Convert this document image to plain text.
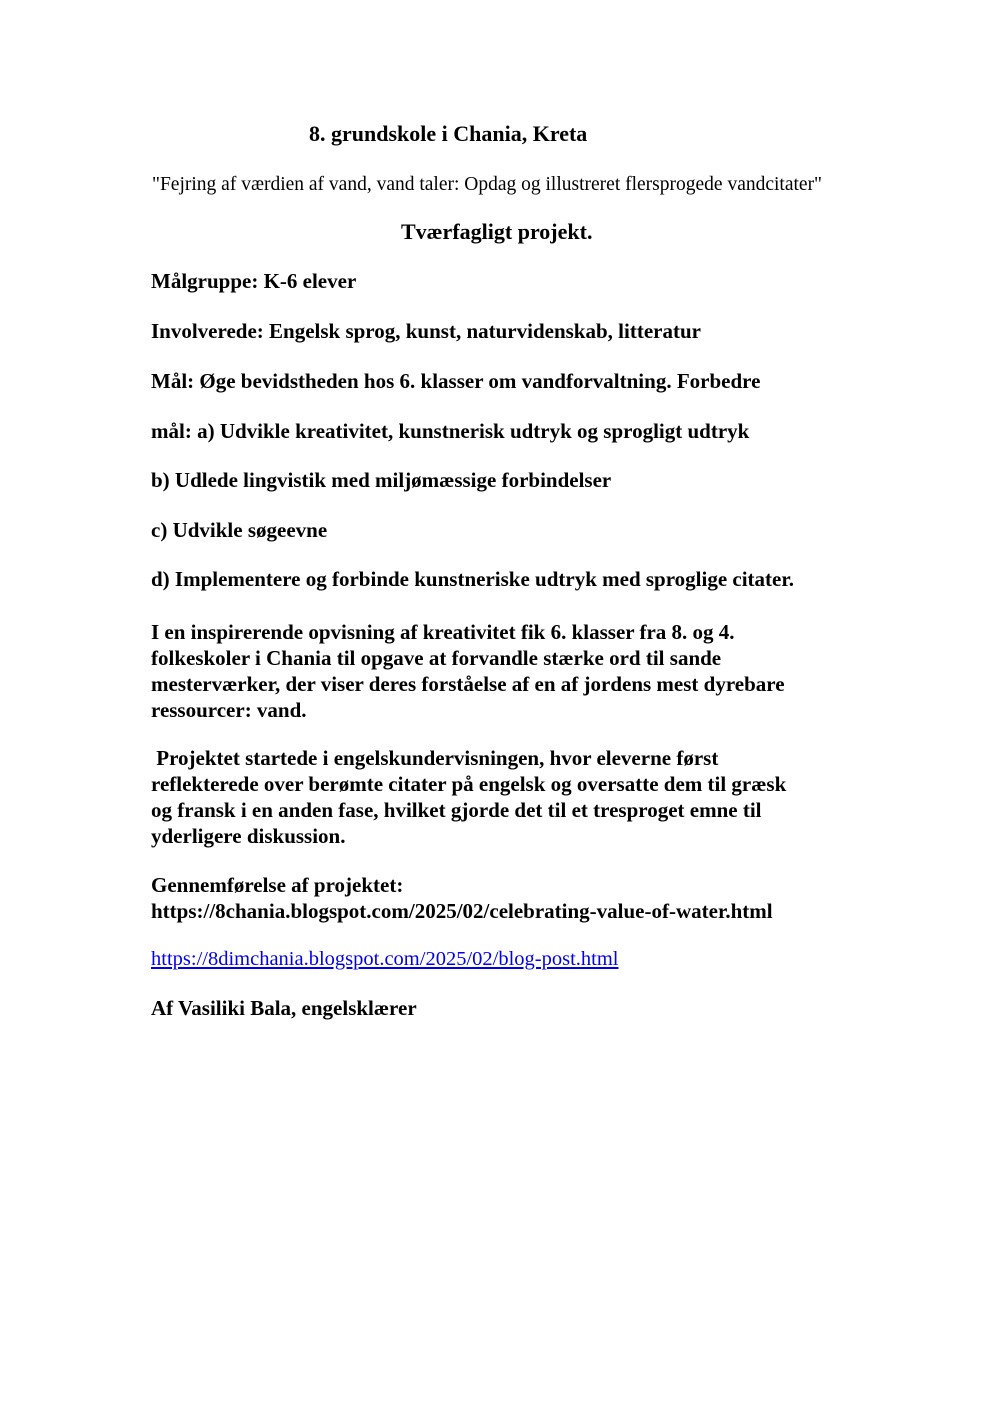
8. grundskole i Chania, Kreta
"Fejring af værdien af vand, vand taler: Opdag og illustreret flersprogede vandcitater"
Tværfagligt projekt.
Målgruppe: K-6 elever
Involverede: Engelsk sprog, kunst, naturvidenskab, litteratur
Mål: Øge bevidstheden hos 6. klasser om vandforvaltning. Forbedre
mål: a) Udvikle kreativitet, kunstnerisk udtryk og sprogligt udtryk
b) Udlede lingvistik med miljømæssige forbindelser
c) Udvikle søgeevne
d) Implementere og forbinde kunstneriske udtryk med sproglige citater.
I en inspirerende opvisning af kreativitet fik 6. klasser fra 8. og 4.
folkeskoler i Chania til opgave at forvandle stærke ord til sande
mesterværker, der viser deres forståelse af en af jordens mest dyrebare
ressourcer: vand.
Projektet startede i engelskundervisningen, hvor eleverne først
reflekterede over berømte citater på engelsk og oversatte dem til græsk
og fransk i en anden fase, hvilket gjorde det til et tresproget emne til
yderligere diskussion.
Gennemførelse af projektet:
https://8chania.blogspot.com/2025/02/celebrating-value-of-water.html
https://8dimchania.blogspot.com/2025/02/blog-post.html
Af Vasiliki Bala, engelsklærer
